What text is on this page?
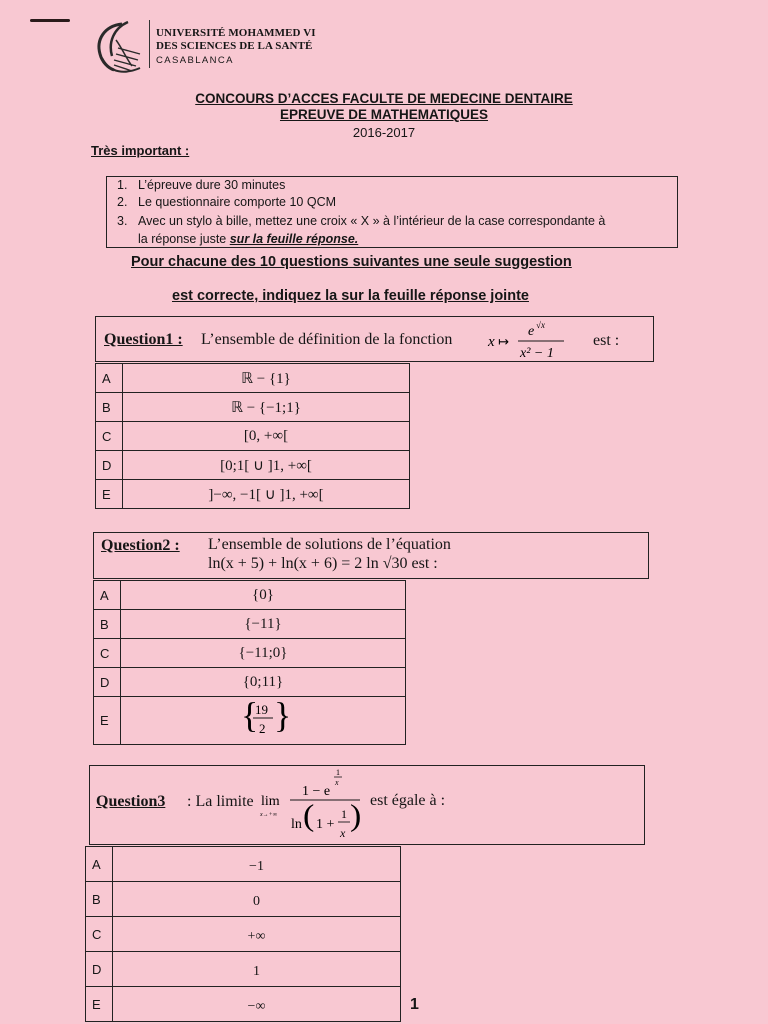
UNIVERSITÉ MOHAMMED VI
DES SCIENCES DE LA SANTÉ
CASABLANCA
CONCOURS D’ACCES FACULTE DE MEDECINE DENTAIRE
EPREUVE DE MATHEMATIQUES
2016-2017
Très important :
1. L’épreuve dure 30 minutes
2. Le questionnaire comporte 10 QCM
3. Avec un stylo à bille, mettez une croix « X » à l’intérieur de la case correspondante à
la réponse juste sur la feuille réponse.
Pour chacune des 10 questions suivantes une seule suggestion
est correcte, indiquez la sur la feuille réponse jointe
Question1 : L’ensemble de définition de la fonction x ↦
e √x
x² − 1
est :
A	ℝ − {1}
B	ℝ − {−1;1}
C	[0, +∞[
D	[0;1[ ∪ ]1, +∞[
E	]−∞, −1[ ∪ ]1, +∞[
Question2 : L’ensemble de solutions de l’équation
ln(x + 5) + ln(x + 6) = 2 ln √30 est :
A	{0}
B	{−11}
C	{−11;0}
D	{0;11}
E	{
19
2 }
Question3 : La limite lim
x→+∞
1 − e
1
x
ln ( 1 +
1
x
) est égale à :
A	−1
B	0
C	+∞
D	1
E	−∞	1
